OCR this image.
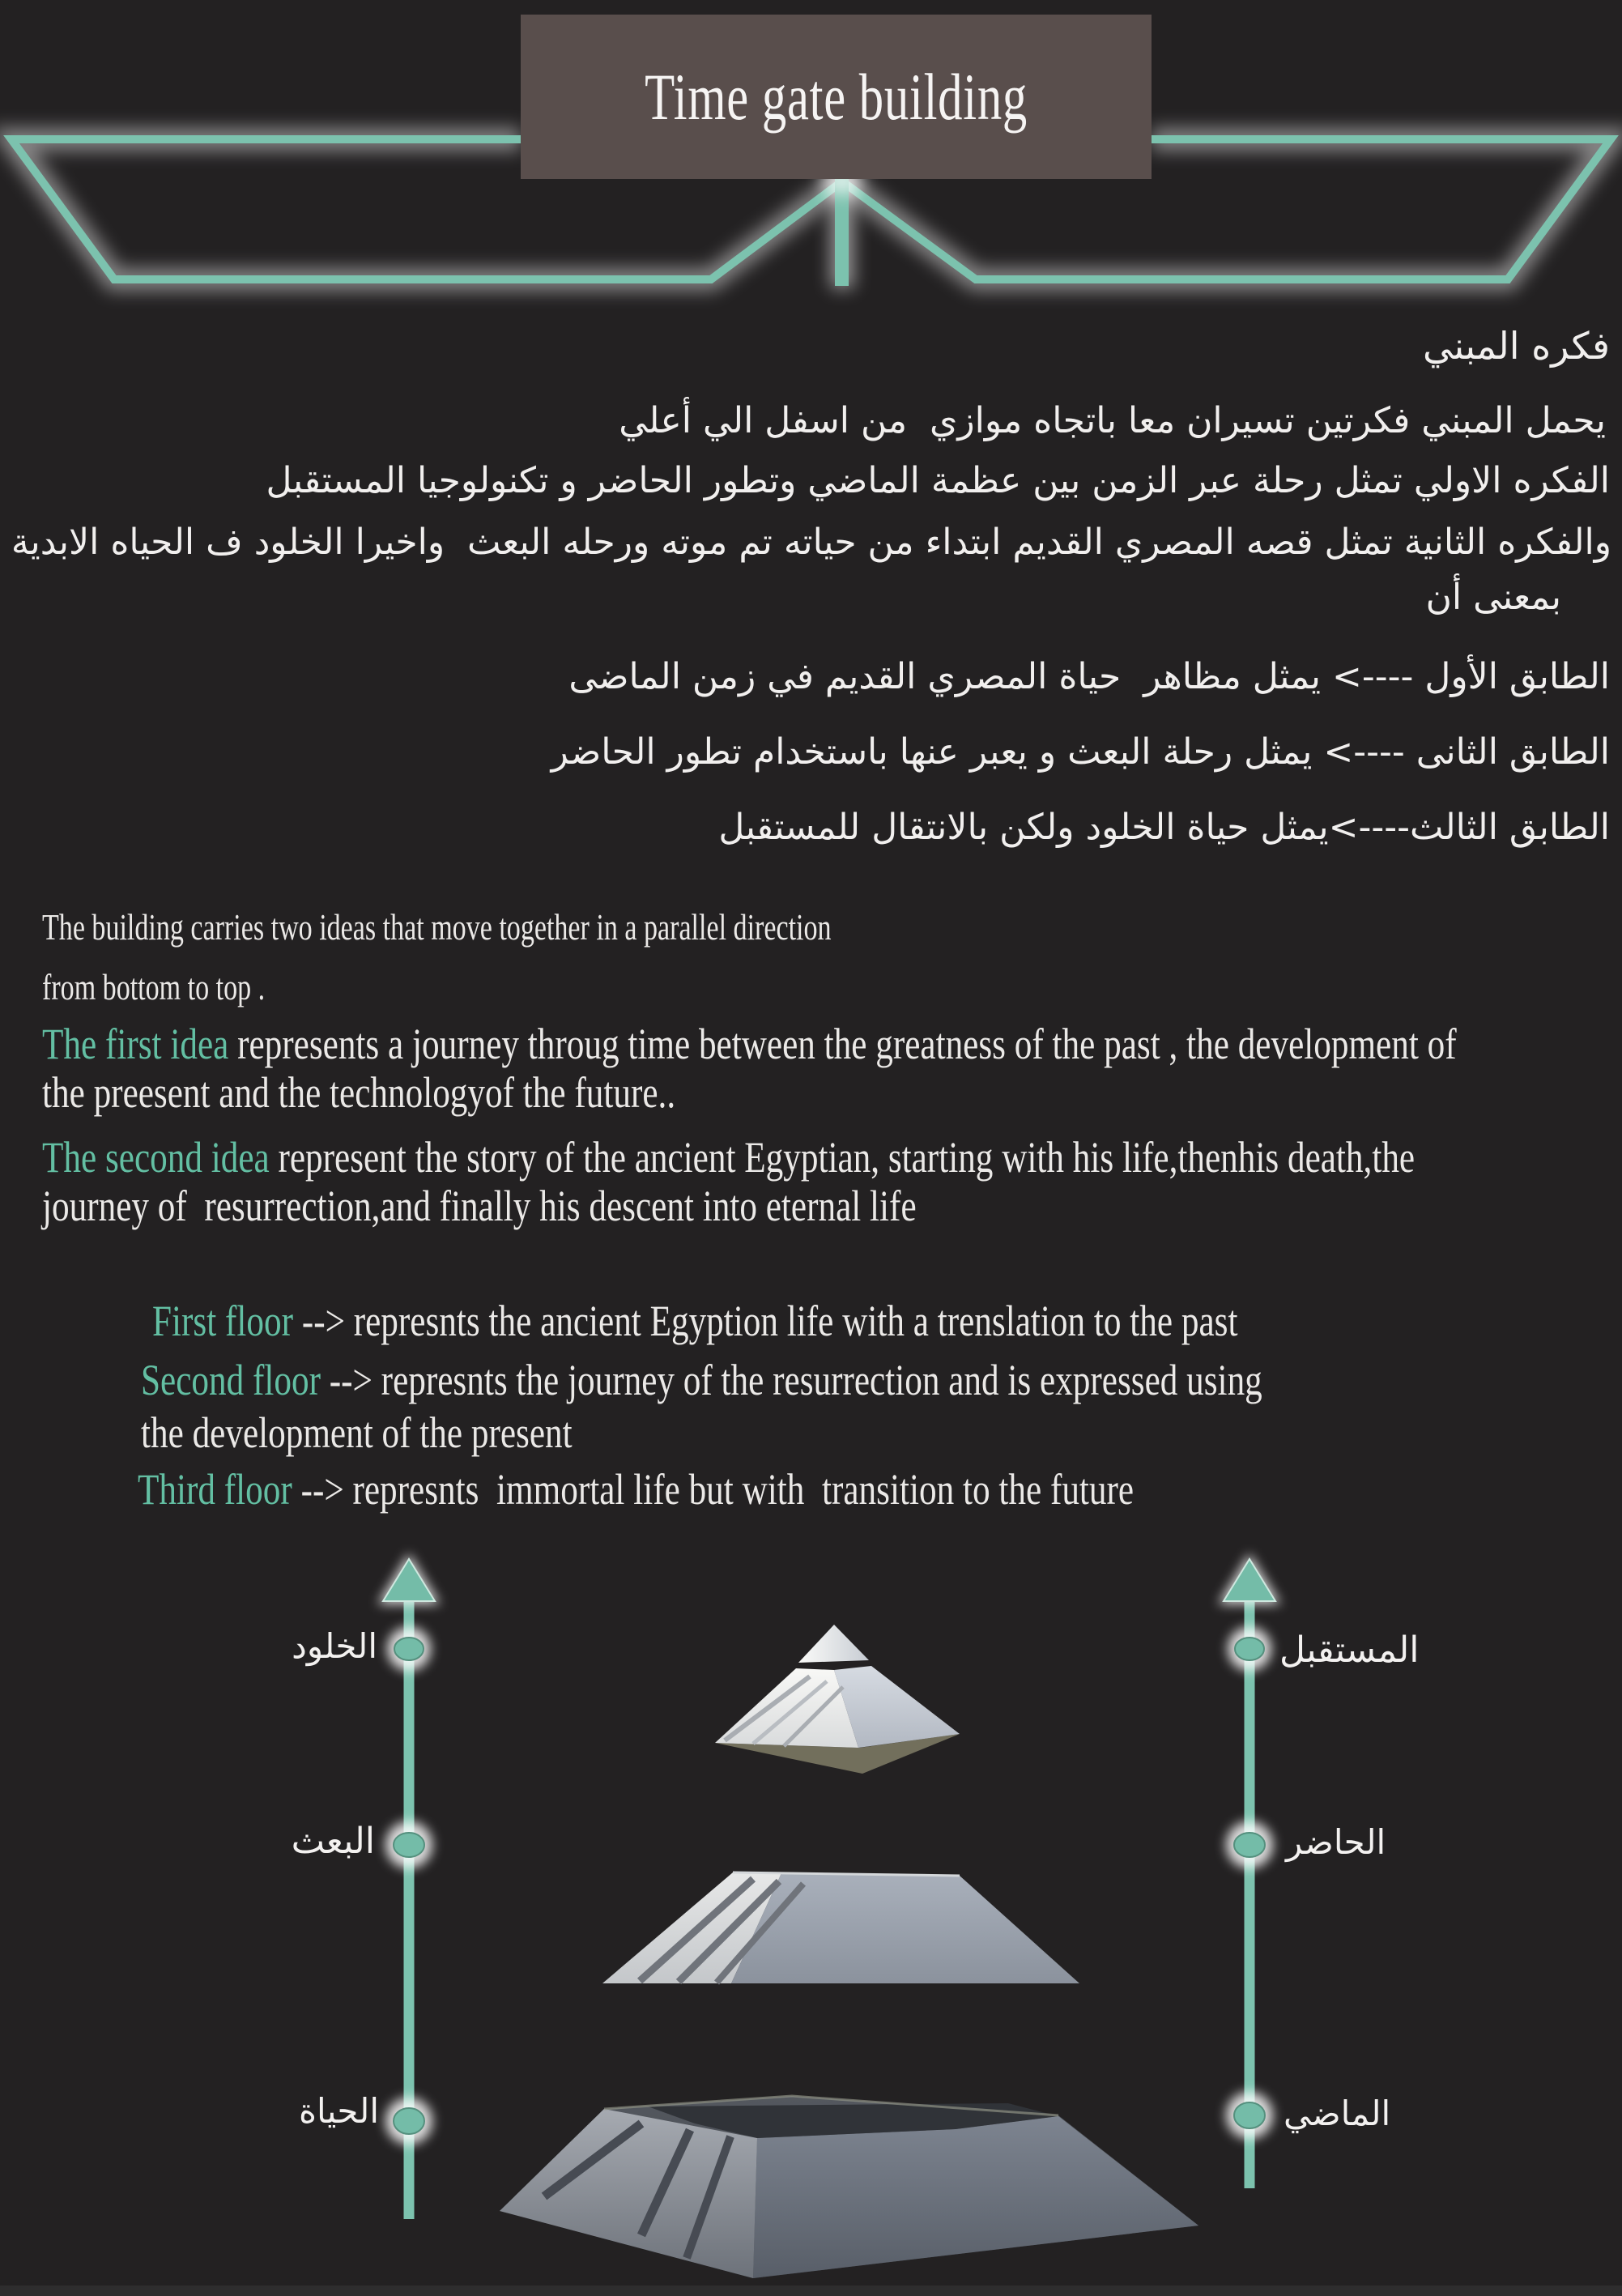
Time gate building
فكره المبني
يحمل المبني فكرتين تسيران معا باتجاه موازي  من اسفل الي أعلي
الفكره الاولي تمثل رحلة عبر الزمن بين عظمة الماضي وتطور الحاضر و تكنولوجيا المستقبل
والفكره الثانية تمثل قصه المصري القديم ابتداء من حياته تم موته ورحله البعث  واخيرا الخلود ف الحياه الابدية
بمعنى أن
الطابق الأول ----> يمثل مظاهر  حياة المصري القديم في زمن الماضى
الطابق الثانى ----> يمثل رحلة البعث و يعبر عنها باستخدام تطور الحاضر
الطابق الثالث---->يمثل حياة الخلود ولكن بالانتقال للمستقبل

The building carries two ideas that move together in a parallel direction

from bottom to top .

The first idea represents a journey throug time between the greatness of the past , the development of

the preesent and the technologyof the future..

The second idea represent the story of the ancient Egyptian, starting with his life,thenhis death,the

journey of  resurrection,and finally his descent into eternal life

First floor --> represnts the ancient Egyption life with a trenslation to the past

Second floor --> represnts the journey of the resurrection and is expressed using

the development of the present

Third floor --> represnts  immortal life but with  transition to the future
الخلود
البعث
الحياة
المستقبل
الحاضر
الماضي
